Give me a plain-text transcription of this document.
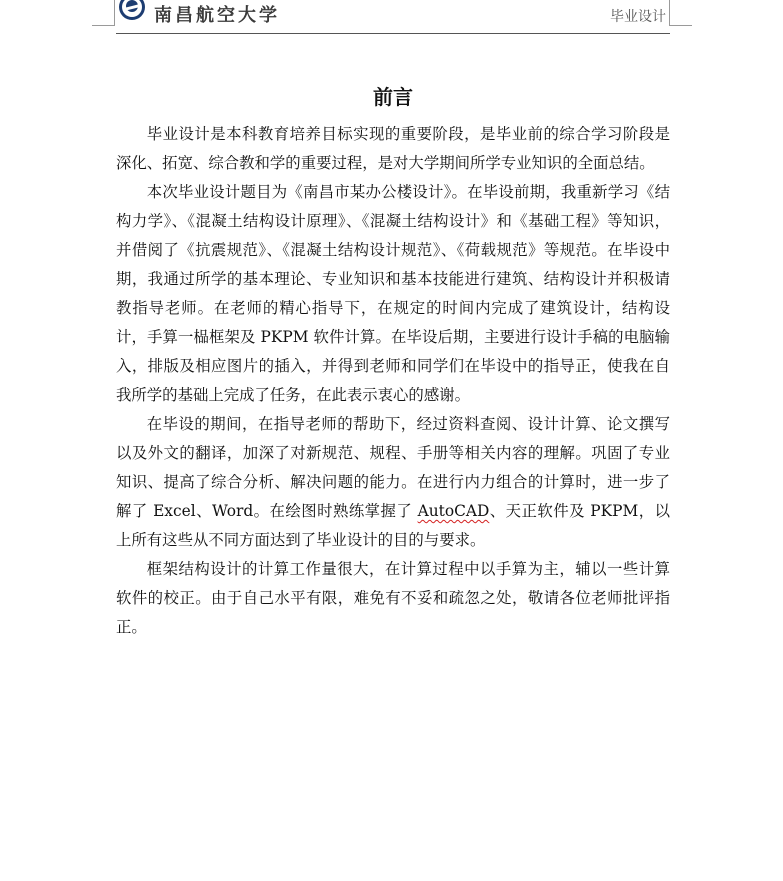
南昌航空大学	毕业设计
前言

毕业设计是本科教育培养目标实现的重要阶段，是毕业前的综合学习阶段是深化、拓宽、综合教和学的重要过程，是对大学期间所学专业知识的全面总结。

本次毕业设计题目为《南昌市某办公楼设计》。在毕设前期，我重新学习《结构力学》、《混凝土结构设计原理》、《混凝土结构设计》和《基础工程》等知识，并借阅了《抗震规范》、《混凝土结构设计规范》、《荷载规范》等规范。在毕设中期，我通过所学的基本理论、专业知识和基本技能进行建筑、结构设计并积极请教指导老师。在老师的精心指导下，在规定的时间内完成了建筑设计，结构设计，手算一榀框架及 PKPM 软件计算。在毕设后期，主要进行设计手稿的电脑输入，排版及相应图片的插入，并得到老师和同学们在毕设中的指导正，使我在自我所学的基础上完成了任务，在此表示衷心的感谢。

在毕设的期间，在指导老师的帮助下，经过资料查阅、设计计算、论文撰写以及外文的翻译，加深了对新规范、规程、手册等相关内容的理解。巩固了专业知识、提高了综合分析、解决问题的能力。在进行内力组合的计算时，进一步了解了 Excel、Word。在绘图时熟练掌握了 AutoCAD、天正软件及 PKPM，以上所有这些从不同方面达到了毕业设计的目的与要求。

框架结构设计的计算工作量很大，在计算过程中以手算为主，辅以一些计算软件的校正。由于自己水平有限，难免有不妥和疏忽之处，敬请各位老师批评指正。
